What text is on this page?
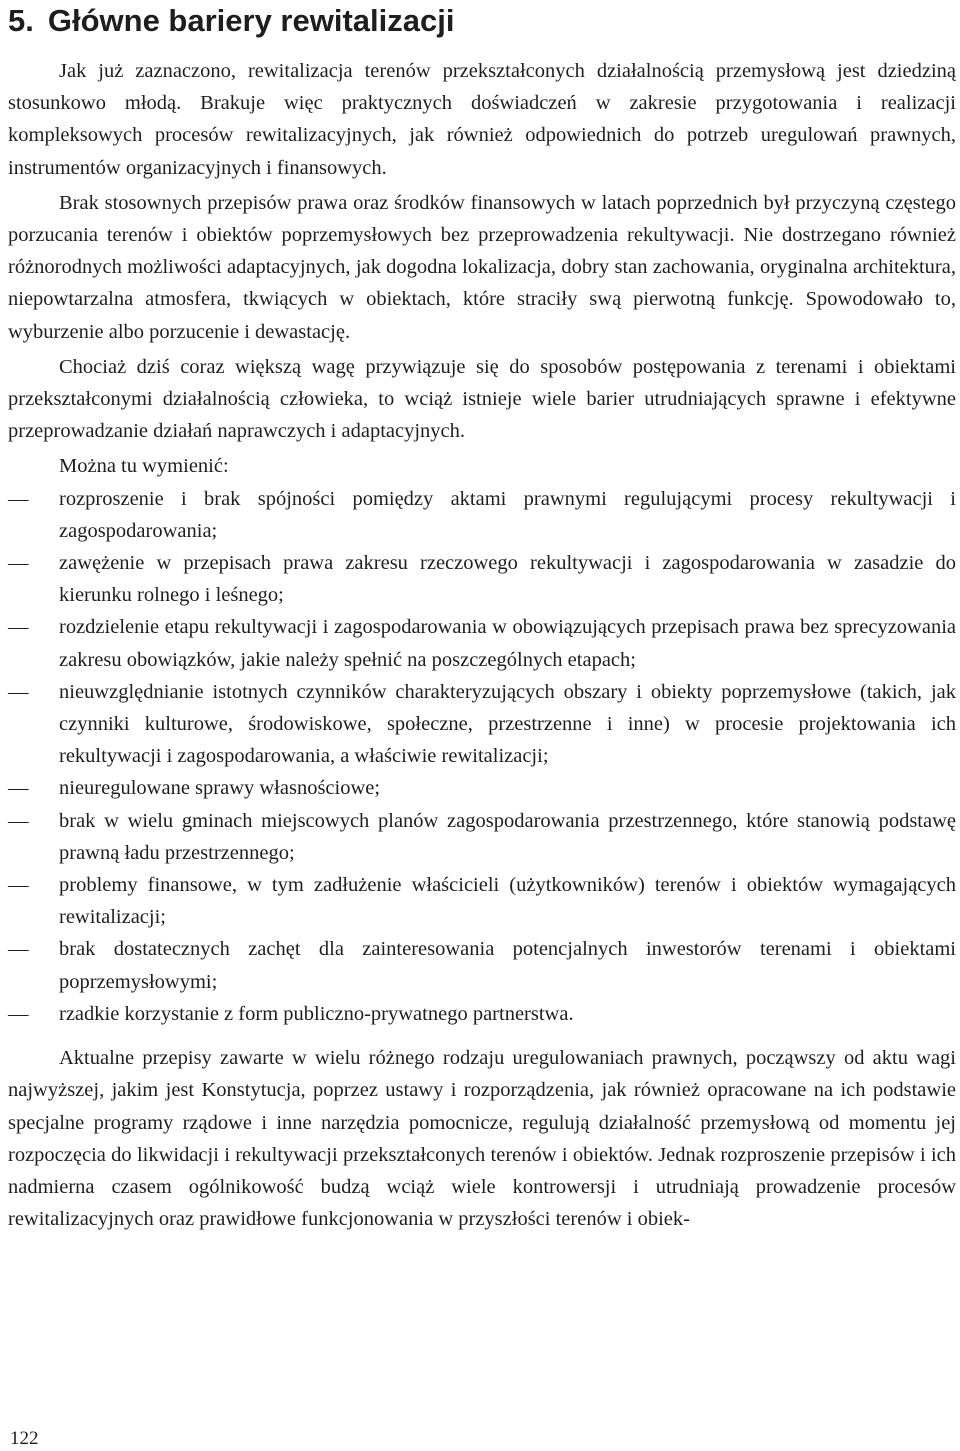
5. Główne bariery rewitalizacji

Jak już zaznaczono, rewitalizacja terenów przekształconych działalnością przemysłową jest dziedziną stosunkowo młodą. Brakuje więc praktycznych doświadczeń w zakresie przygotowania i realizacji kompleksowych procesów rewitalizacyjnych, jak również odpowiednich do potrzeb uregulowań prawnych, instrumentów organizacyjnych i finansowych.

Brak stosownych przepisów prawa oraz środków finansowych w latach poprzednich był przyczyną częstego porzucania terenów i obiektów poprzemysłowych bez przeprowadzenia rekultywacji. Nie dostrzegano również różnorodnych możliwości adaptacyjnych, jak dogodna lokalizacja, dobry stan zachowania, oryginalna architektura, niepowtarzalna atmosfera, tkwiących w obiektach, które straciły swą pierwotną funkcję. Spowodowało to, wyburzenie albo porzucenie i dewastację.

Chociaż dziś coraz większą wagę przywiązuje się do sposobów postępowania z terenami i obiektami przekształconymi działalnością człowieka, to wciąż istnieje wiele barier utrudniających sprawne i efektywne przeprowadzanie działań naprawczych i adaptacyjnych.

Można tu wymienić:

—	rozproszenie i brak spójności pomiędzy aktami prawnymi regulującymi procesy rekultywacji i zagospodarowania;
—	zawężenie w przepisach prawa zakresu rzeczowego rekultywacji i zagospodarowania w zasadzie do kierunku rolnego i leśnego;
—	rozdzielenie etapu rekultywacji i zagospodarowania w obowiązujących przepisach prawa bez sprecyzowania zakresu obowiązków, jakie należy spełnić na poszczególnych etapach;
—	nieuwzględnianie istotnych czynników charakteryzujących obszary i obiekty poprzemysłowe (takich, jak czynniki kulturowe, środowiskowe, społeczne, przestrzenne i inne) w procesie projektowania ich rekultywacji i zagospodarowania, a właściwie rewitalizacji;
—	nieuregulowane sprawy własnościowe;
—	brak w wielu gminach miejscowych planów zagospodarowania przestrzennego, które stanowią podstawę prawną ładu przestrzennego;
—	problemy finansowe, w tym zadłużenie właścicieli (użytkowników) terenów i obiektów wymagających rewitalizacji;
—	brak dostatecznych zachęt dla zainteresowania potencjalnych inwestorów terenami i obiektami poprzemysłowymi;
—	rzadkie korzystanie z form publiczno-prywatnego partnerstwa.

Aktualne przepisy zawarte w wielu różnego rodzaju uregulowaniach prawnych, począwszy od aktu wagi najwyższej, jakim jest Konstytucja, poprzez ustawy i rozporządzenia, jak również opracowane na ich podstawie specjalne programy rządowe i inne narzędzia pomocnicze, regulują działalność przemysłową od momentu jej rozpoczęcia do likwidacji i rekultywacji przekształconych terenów i obiektów. Jednak rozproszenie przepisów i ich nadmierna czasem ogólnikowość budzą wciąż wiele kontrowersji i utrudniają prowadzenie procesów rewitalizacyjnych oraz prawidłowe funkcjonowania w przyszłości terenów i obiek-

122
